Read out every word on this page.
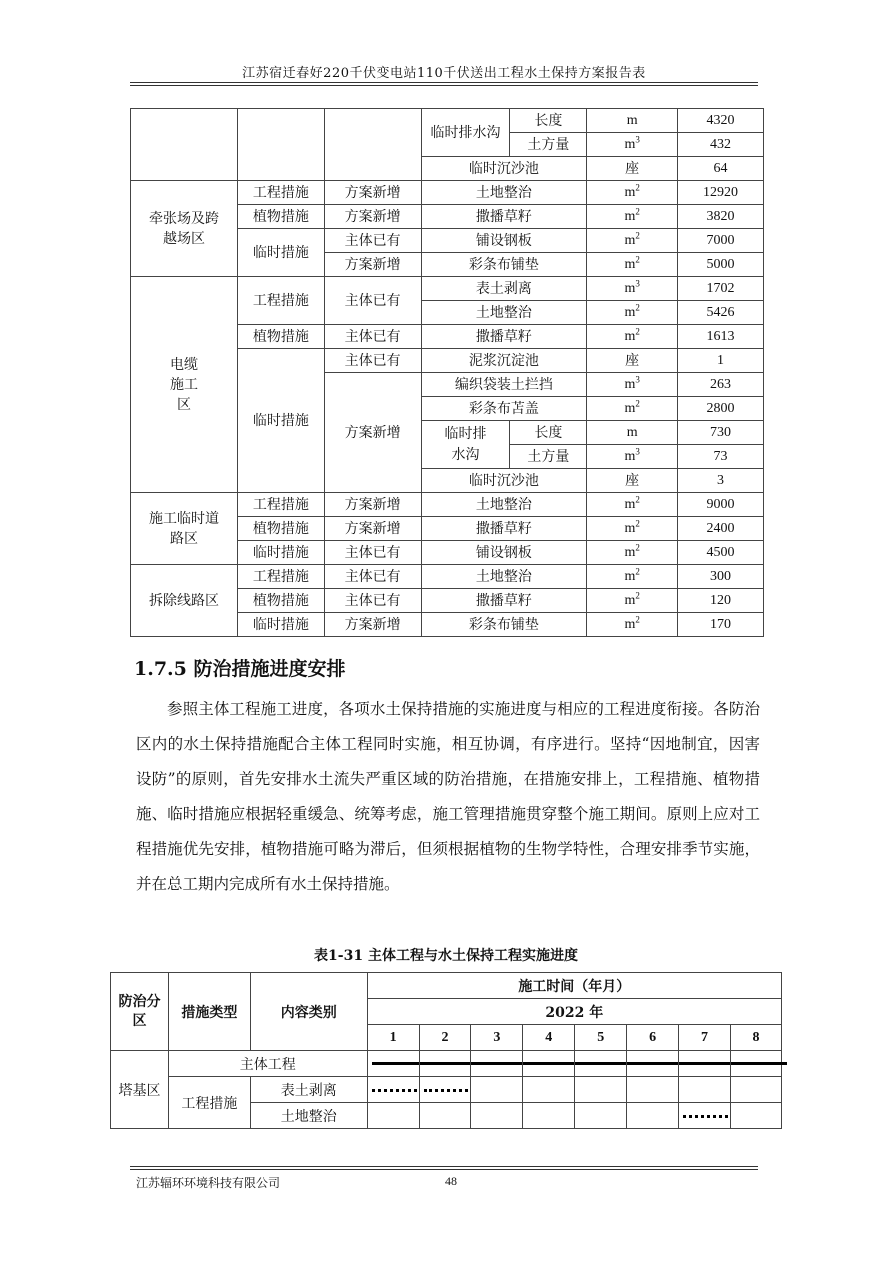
江苏宿迁春好220千伏变电站110千伏送出工程水土保持方案报告表
			临时排水沟	长度	m	4320
				土方量	$m^3$	432
			临时沉沙池		座	64

牵张场及跨越场区	工程措施	方案新增	土地整治		$m^2$	12920
	植物措施	方案新增	撒播草籽		$m^2$	3820
	临时措施	主体已有	铺设钢板		$m^2$	7000
		方案新增	彩条布铺垫		$m^2$	5000

电缆施工区	工程措施	主体已有	表土剥离		$m^3$	1702
			土地整治		$m^2$	5426
	植物措施	主体已有	撒播草籽		$m^2$	1613
	临时措施	主体已有	泥浆沉淀池		座	1
		方案新增	编织袋装土拦挡		$m^3$	263
			彩条布苫盖		$m^2$	2800

			临时排水沟	长度	m	730
				土方量	$m^3$	73
			临时沉沙池		座	3

施工临时道路区	工程措施	方案新增	土地整治		$m^2$	9000
	植物措施	方案新增	撒播草籽		$m^2$	2400
	临时措施	主体已有	铺设钢板		$m^2$	4500
拆除线路区	工程措施	主体已有	土地整治		$m^2$	300
	植物措施	主体已有	撒播草籽		$m^2$	120
	临时措施	方案新增	彩条布铺垫		$m^2$	170
1.7.5 防治措施进度安排
参照主体工程施工进度，各项水土保持措施的实施进度与相应的工程进度衔接。各防治区内的水土保持措施配合主体工程同时实施，相互协调，有序进行。坚持“因地制宜，因害设防”的原则，首先安排水土流失严重区域的防治措施，在措施安排上，工程措施、植物措施、临时措施应根据轻重缓急、统筹考虑，施工管理措施贯穿整个施工期间。原则上应对工程措施优先安排，植物措施可略为滞后，但须根据植物的生物学特性，合理安排季节实施，并在总工期内完成所有水土保持措施。
表1-31 主体工程与水土保持工程实施进度
防治分区	措施类型	内容类别	施工时间（年月）							
			2022 年							
			1	2	3	4	5	6	7	8
塔基区	主体工程		

	工程措施	表土剥离	

		土地整治							

江苏辐环环境科技有限公司	48
